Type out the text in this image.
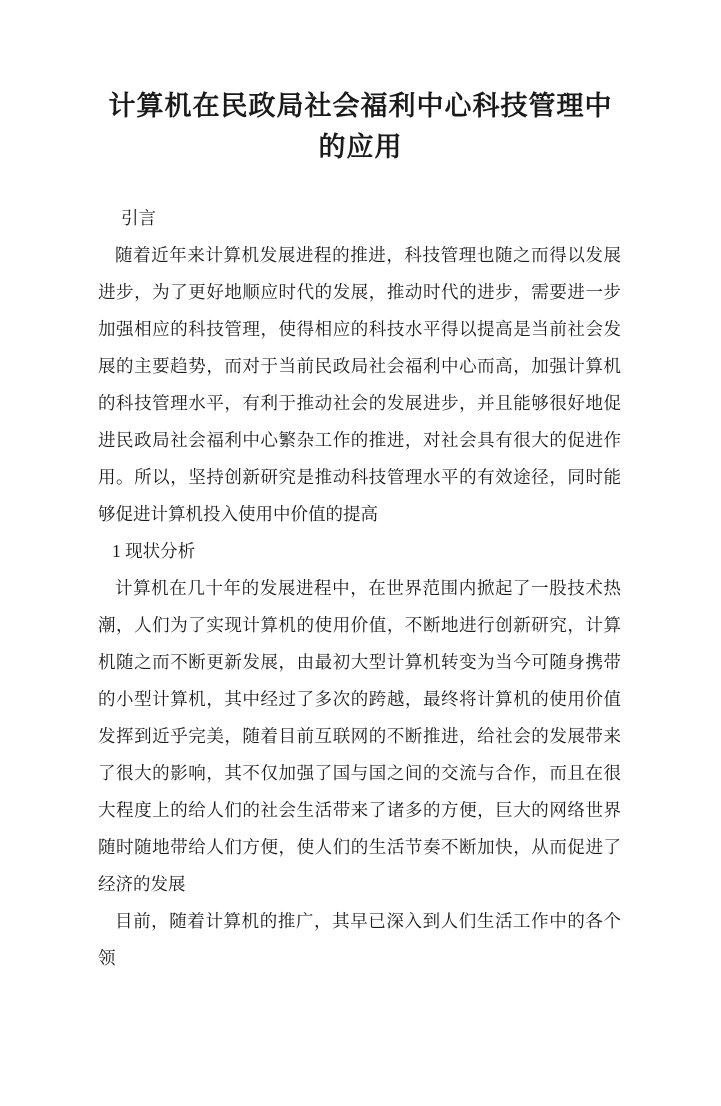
计算机在民政局社会福利中心科技管理中的应用

引言

随着近年来计算机发展进程的推进，科技管理也随之而得以发展进步，为了更好地顺应时代的发展，推动时代的进步，需要进一步加强相应的科技管理，使得相应的科技水平得以提高是当前社会发展的主要趋势，而对于当前民政局社会福利中心而高，加强计算机的科技管理水平，有利于推动社会的发展进步，并且能够很好地促进民政局社会福利中心繁杂工作的推进，对社会具有很大的促进作用。所以，坚持创新研究是推动科技管理水平的有效途径，同时能够促进计算机投入使用中价值的提高

1 现状分析

计算机在几十年的发展进程中，在世界范围内掀起了一股技术热潮，人们为了实现计算机的使用价值，不断地进行创新研究，计算机随之而不断更新发展，由最初大型计算机转变为当今可随身携带的小型计算机，其中经过了多次的跨越，最终将计算机的使用价值发挥到近乎完美，随着目前互联网的不断推进，给社会的发展带来了很大的影响，其不仅加强了国与国之间的交流与合作，而且在很大程度上的给人们的社会生活带来了诸多的方便，巨大的网络世界随时随地带给人们方便，使人们的生活节奏不断加快，从而促进了经济的发展

目前，随着计算机的推广，其早已深入到人们生活工作中的各个领
